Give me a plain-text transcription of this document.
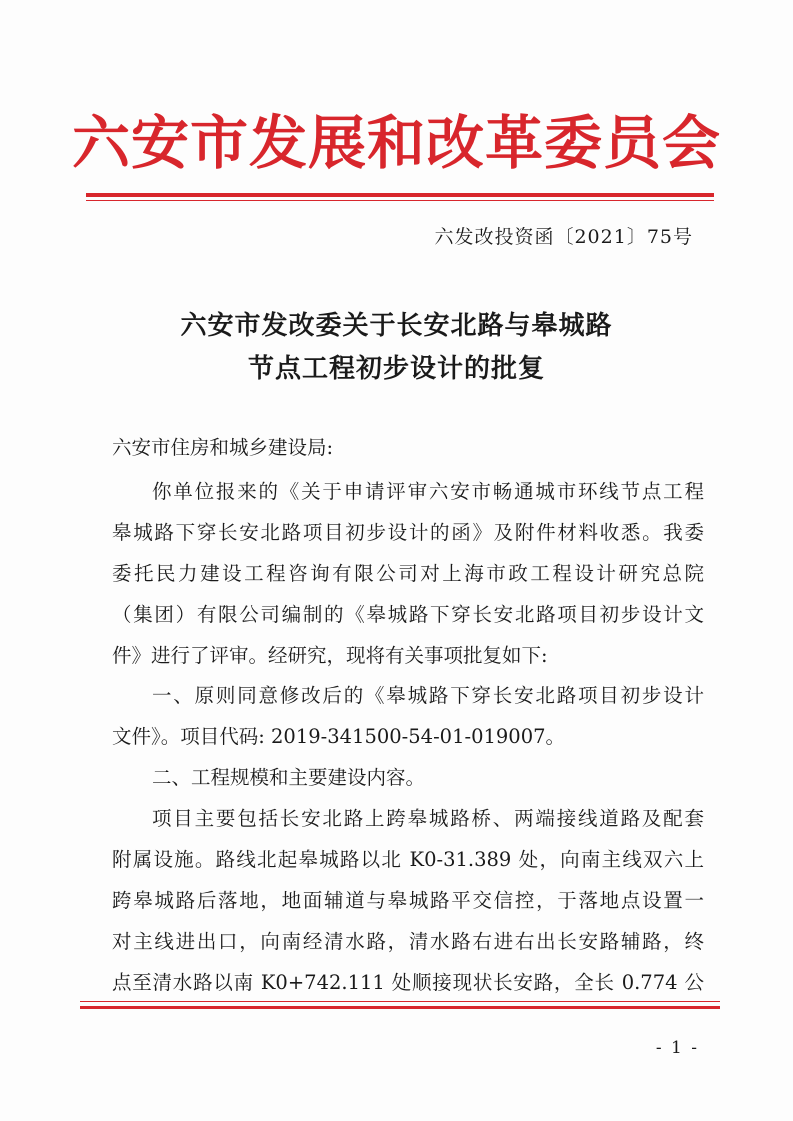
六安市发展和改革委员会
六发改投资函〔2021〕75号
六安市发改委关于长安北路与皋城路
节点工程初步设计的批复
六安市住房和城乡建设局:
你单位报来的《关于申请评审六安市畅通城市环线节点工程
皋城路下穿长安北路项目初步设计的函》及附件材料收悉。我委
委托民力建设工程咨询有限公司对上海市政工程设计研究总院
（集团）有限公司编制的《皋城路下穿长安北路项目初步设计文
件》进行了评审。经研究，现将有关事项批复如下:
一、原则同意修改后的《皋城路下穿长安北路项目初步设计
文件》。项目代码: 2019-341500-54-01-019007。
二、工程规模和主要建设内容。
项目主要包括长安北路上跨皋城路桥、两端接线道路及配套
附属设施。路线北起皋城路以北 K0-31.389 处，向南主线双六上
跨皋城路后落地，地面辅道与皋城路平交信控，于落地点设置一
对主线进出口，向南经清水路，清水路右进右出长安路辅路，终
点至清水路以南 K0+742.111 处顺接现状长安路，全长 0.774 公
- 1 -
